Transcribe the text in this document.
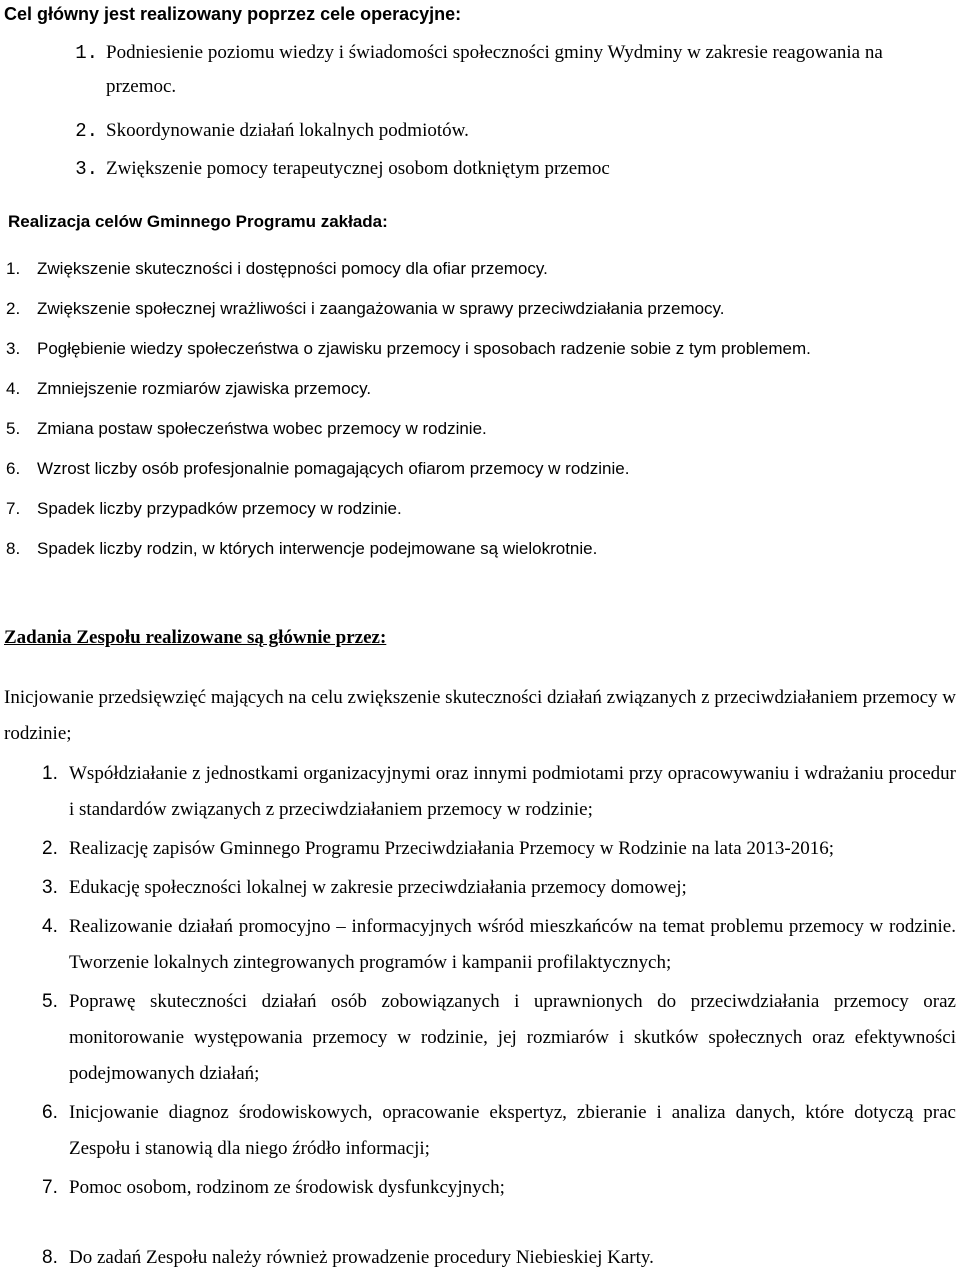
Cel główny jest realizowany poprzez cele operacyjne:

1. Podniesienie poziomu wiedzy i świadomości społeczności gminy Wydminy w zakresie reagowania na przemoc.
2. Skoordynowanie działań lokalnych podmiotów.
3. Zwiększenie pomocy terapeutycznej osobom dotkniętym przemoc

Realizacja celów Gminnego Programu zakłada:

1. Zwiększenie skuteczności i dostępności pomocy dla ofiar przemocy.
2. Zwiększenie społecznej wrażliwości i zaangażowania w sprawy przeciwdziałania przemocy.
3. Pogłębienie wiedzy społeczeństwa o zjawisku przemocy i sposobach radzenie sobie z tym problemem.
4. Zmniejszenie rozmiarów zjawiska przemocy.
5. Zmiana postaw społeczeństwa wobec przemocy w rodzinie.
6. Wzrost liczby osób profesjonalnie pomagających ofiarom przemocy w rodzinie.
7. Spadek liczby przypadków przemocy w rodzinie.
8. Spadek liczby rodzin, w których interwencje podejmowane są wielokrotnie.

Zadania Zespołu realizowane są głównie przez:

Inicjowanie przedsięwzięć mających na celu zwiększenie skuteczności działań związanych z przeciwdziałaniem przemocy w rodzinie;

1. Współdziałanie z jednostkami organizacyjnymi oraz innymi podmiotami przy opracowywaniu i wdrażaniu procedur i standardów związanych z przeciwdziałaniem przemocy w rodzinie;
2. Realizację zapisów Gminnego Programu Przeciwdziałania Przemocy w Rodzinie na lata 2013-2016;
3. Edukację społeczności lokalnej w zakresie przeciwdziałania przemocy domowej;
4. Realizowanie działań promocyjno – informacyjnych wśród mieszkańców na temat problemu przemocy w rodzinie. Tworzenie lokalnych zintegrowanych programów i kampanii profilaktycznych;
5. Poprawę skuteczności działań osób zobowiązanych i uprawnionych do przeciwdziałania przemocy oraz monitorowanie występowania przemocy w rodzinie, jej rozmiarów i skutków społecznych oraz efektywności podejmowanych działań;
6. Inicjowanie diagnoz środowiskowych, opracowanie ekspertyz, zbieranie i analiza danych, które dotyczą prac Zespołu i stanowią dla niego źródło informacji;
7. Pomoc osobom, rodzinom ze środowisk dysfunkcyjnych;
8. Do zadań Zespołu należy również prowadzenie procedury Niebieskiej Karty.
